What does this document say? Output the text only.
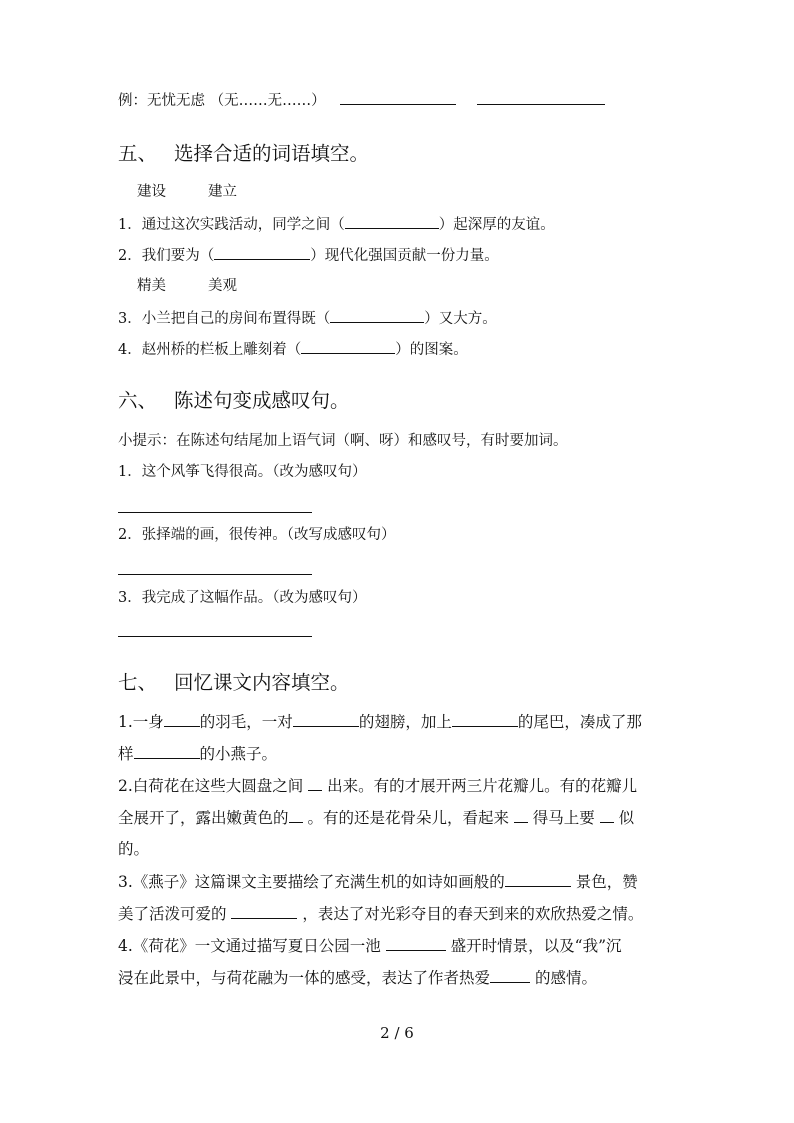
例：无忧无虑 （无……无……）
五、 选择合适的词语填空。
建设	建立
1．通过这次实践活动，同学之间（	）起深厚的友谊。
2．我们要为（	）现代化强国贡献一份力量。
精美	美观
3．小兰把自己的房间布置得既（	）又大方。
4．赵州桥的栏板上雕刻着（	）的图案。
六、 陈述句变成感叹句。
小提示：在陈述句结尾加上语气词（啊、呀）和感叹号，有时要加词。
1．这个风筝飞得很高。（改为感叹句）
2．张择端的画，很传神。（改写成感叹句）
3．我完成了这幅作品。（改为感叹句）
七、 回忆课文内容填空。
1.一身 的羽毛，一对	的翅膀，加上	的尾巴，凑成了那
样	的小燕子。
2.白荷花在这些大圆盘之间  出来。有的才展开两三片花瓣儿。有的花瓣儿
全展开了，露出嫩黄色的 。有的还是花骨朵儿，看起来  得马上要  似
的。
3.《燕子》这篇课文主要描绘了充满生机的如诗如画般的	景色，赞
美了活泼可爱的	，表达了对光彩夺目的春天到来的欢欣热爱之情。
4.《荷花》一文通过描写夏日公园一池	盛开时情景，以及“我”沉
浸在此景中，与荷花融为一体的感受，表达了作者热爱	的感情。
2 / 6
